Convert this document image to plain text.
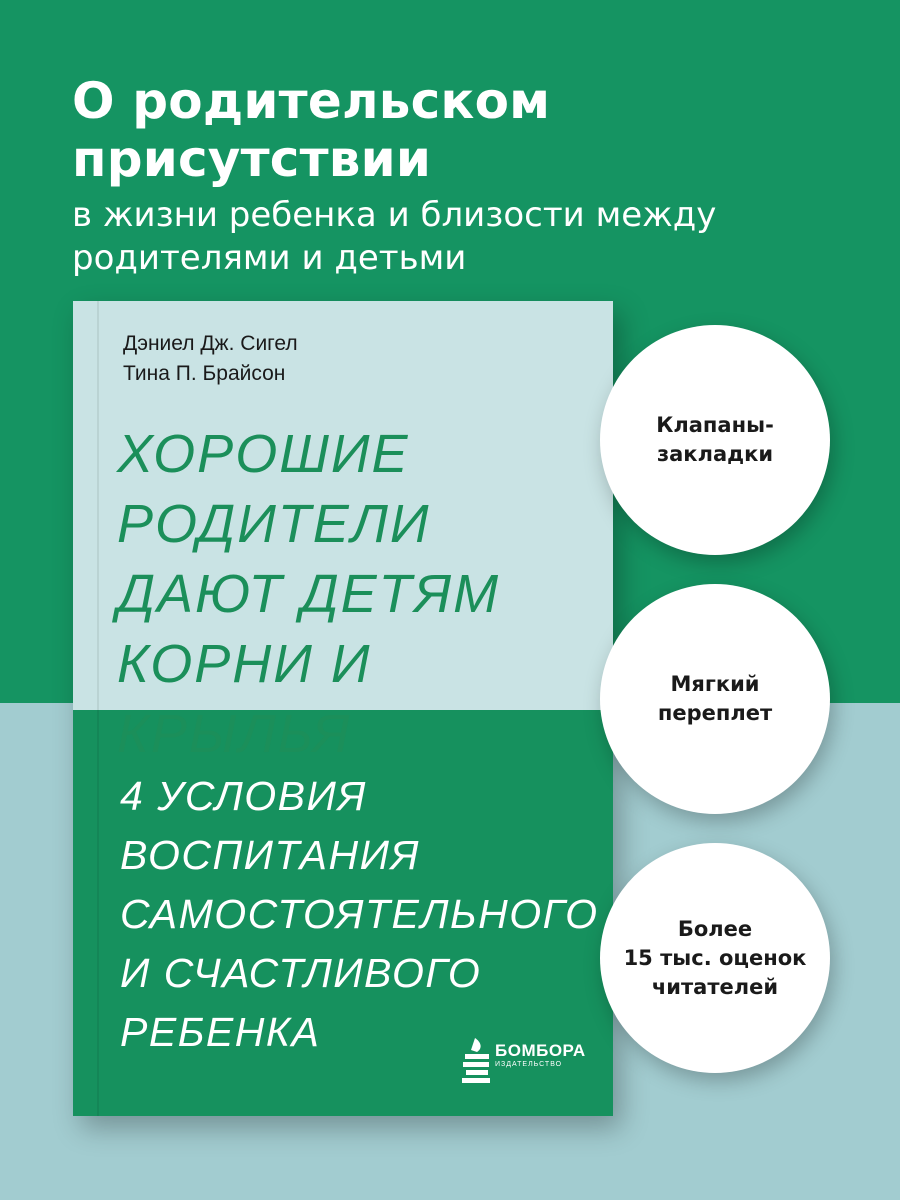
О родительском
присутствии
в жизни ребенка и близости между
родителями и детьми
Дэниел Дж. Сигел
Тина П. Брайсон
ХОРОШИЕ
РОДИТЕЛИ
ДАЮТ ДЕТЯМ
КОРНИ И КРЫЛЬЯ
4 УСЛОВИЯ
ВОСПИТАНИЯ
САМОСТОЯТЕЛЬНОГО
И СЧАСТЛИВОГО
РЕБЕНКА	БОМБОРА
ИЗДАТЕЛЬСТВО
Клапаны-
закладки
Мягкий
переплет
Более
15 тыс. оценок
читателей
